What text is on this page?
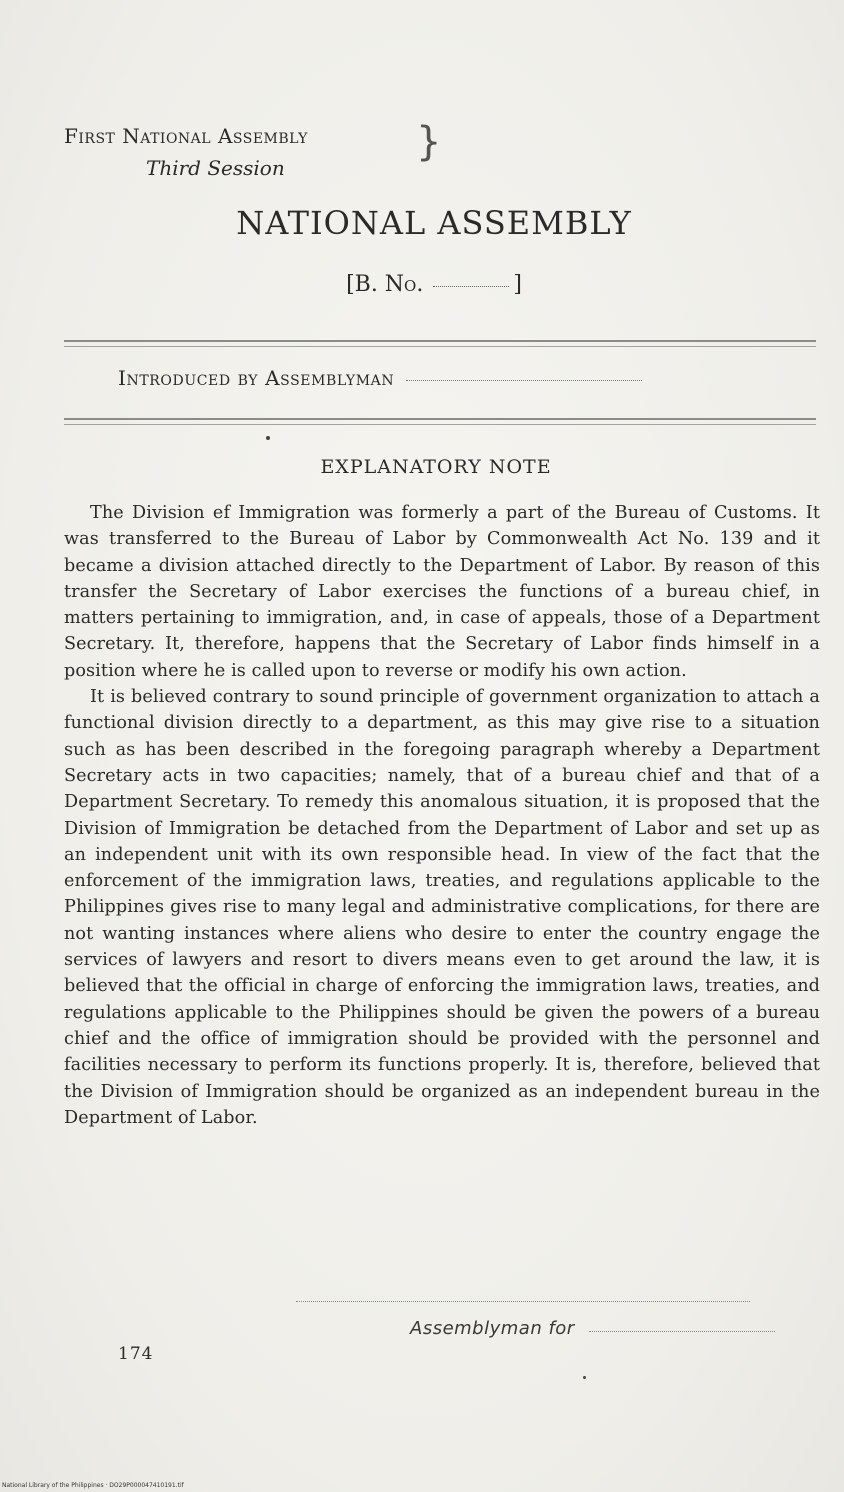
First National Assembly
Third Session
}
NATIONAL ASSEMBLY
[B. No.	]
Introduced by Assemblyman
EXPLANATORY NOTE

The Division ef Immigration was formerly a part of the Bureau of Customs. It was transferred to the Bureau of Labor by Commonwealth Act No. 139 and it became a division attached directly to the Department of Labor. By reason of this transfer the Secretary of Labor exercises the functions of a bureau chief, in matters pertaining to immigration, and, in case of appeals, those of a Department Secretary. It, therefore, happens that the Secretary of Labor finds himself in a position where he is called upon to reverse or modify his own action.

It is believed contrary to sound principle of government organization to attach a functional division directly to a department, as this may give rise to a situation such as has been described in the foregoing paragraph whereby a Department Secretary acts in two capacities; namely, that of a bureau chief and that of a Department Secretary. To remedy this anomalous situation, it is proposed that the Division of Immigration be detached from the Department of Labor and set up as an independent unit with its own responsible head. In view of the fact that the enforcement of the immigration laws, treaties, and regulations applicable to the Philippines gives rise to many legal and administrative complications, for there are not wanting instances where aliens who desire to enter the country engage the services of lawyers and resort to divers means even to get around the law, it is believed that the official in charge of enforcing the immigration laws, treaties, and regulations applicable to the Philippines should be given the powers of a bureau chief and the office of immigration should be provided with the personnel and facilities necessary to perform its functions properly. It is, therefore, believed that the Division of Immigration should be organized as an independent bureau in the Department of Labor.

Assemblyman for
174
National Library of the Philippines · DO29P000047410191.tif
